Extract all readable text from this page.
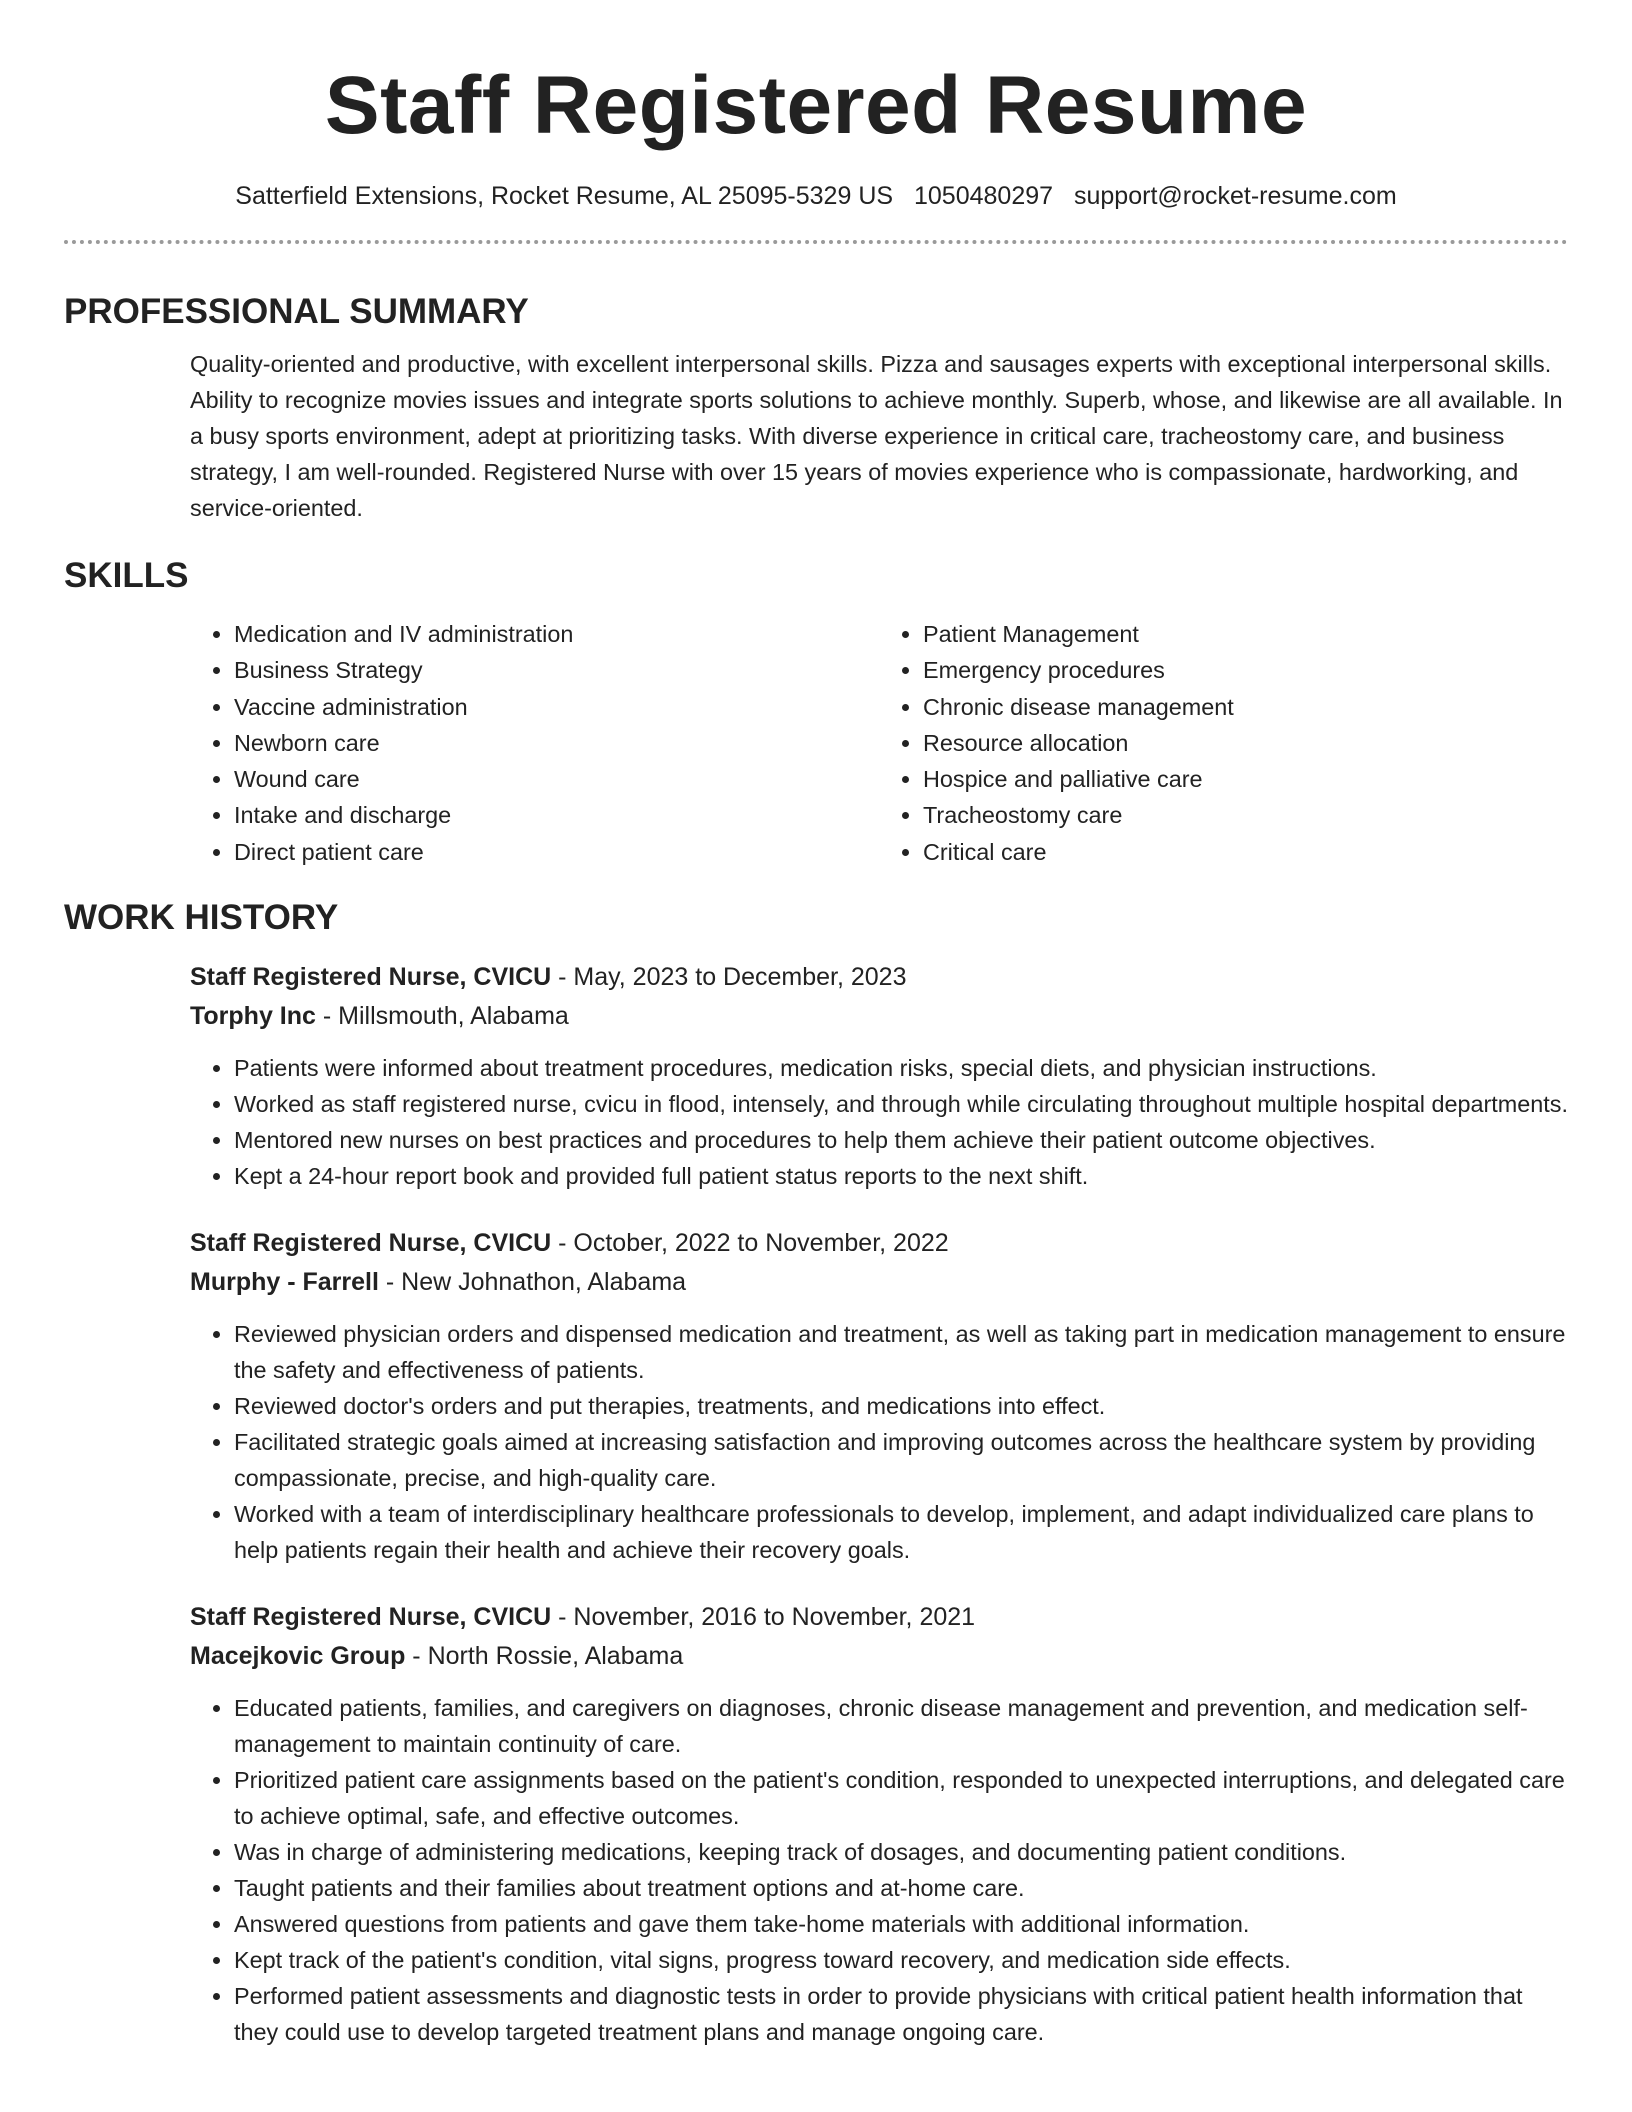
Staff Registered Resume
Satterfield Extensions, Rocket Resume, AL 25095-5329 US 1050480297 support@rocket-resume.com
PROFESSIONAL SUMMARY

Quality-oriented and productive, with excellent interpersonal skills. Pizza and sausages experts with exceptional interpersonal skills. Ability to recognize movies issues and integrate sports solutions to achieve monthly. Superb, whose, and likewise are all available. In a busy sports environment, adept at prioritizing tasks. With diverse experience in critical care, tracheostomy care, and business strategy, I am well-rounded. Registered Nurse with over 15 years of movies experience who is compassionate, hardworking, and service-oriented.

SKILLS
• Medication and IV administration
• Business Strategy
• Vaccine administration
• Newborn care
• Wound care
• Intake and discharge
• Direct patient care
• Patient Management
• Emergency procedures
• Chronic disease management
• Resource allocation
• Hospice and palliative care
• Tracheostomy care
• Critical care
WORK HISTORY
Staff Registered Nurse, CVICU - May, 2023 to December, 2023
Torphy Inc - Millsmouth, Alabama
• Patients were informed about treatment procedures, medication risks, special diets, and physician instructions.
• Worked as staff registered nurse, cvicu in flood, intensely, and through while circulating throughout multiple hospital departments.
• Mentored new nurses on best practices and procedures to help them achieve their patient outcome objectives.
• Kept a 24-hour report book and provided full patient status reports to the next shift.
Staff Registered Nurse, CVICU - October, 2022 to November, 2022
Murphy - Farrell - New Johnathon, Alabama
• Reviewed physician orders and dispensed medication and treatment, as well as taking part in medication management to ensure the safety and effectiveness of patients.
• Reviewed doctor's orders and put therapies, treatments, and medications into effect.
• Facilitated strategic goals aimed at increasing satisfaction and improving outcomes across the healthcare system by providing compassionate, precise, and high-quality care.
• Worked with a team of interdisciplinary healthcare professionals to develop, implement, and adapt individualized care plans to help patients regain their health and achieve their recovery goals.
Staff Registered Nurse, CVICU - November, 2016 to November, 2021
Macejkovic Group - North Rossie, Alabama
• Educated patients, families, and caregivers on diagnoses, chronic disease management and prevention, and medication self-management to maintain continuity of care.
• Prioritized patient care assignments based on the patient's condition, responded to unexpected interruptions, and delegated care to achieve optimal, safe, and effective outcomes.
• Was in charge of administering medications, keeping track of dosages, and documenting patient conditions.
• Taught patients and their families about treatment options and at-home care.
• Answered questions from patients and gave them take-home materials with additional information.
• Kept track of the patient's condition, vital signs, progress toward recovery, and medication side effects.
• Performed patient assessments and diagnostic tests in order to provide physicians with critical patient health information that they could use to develop targeted treatment plans and manage ongoing care.
